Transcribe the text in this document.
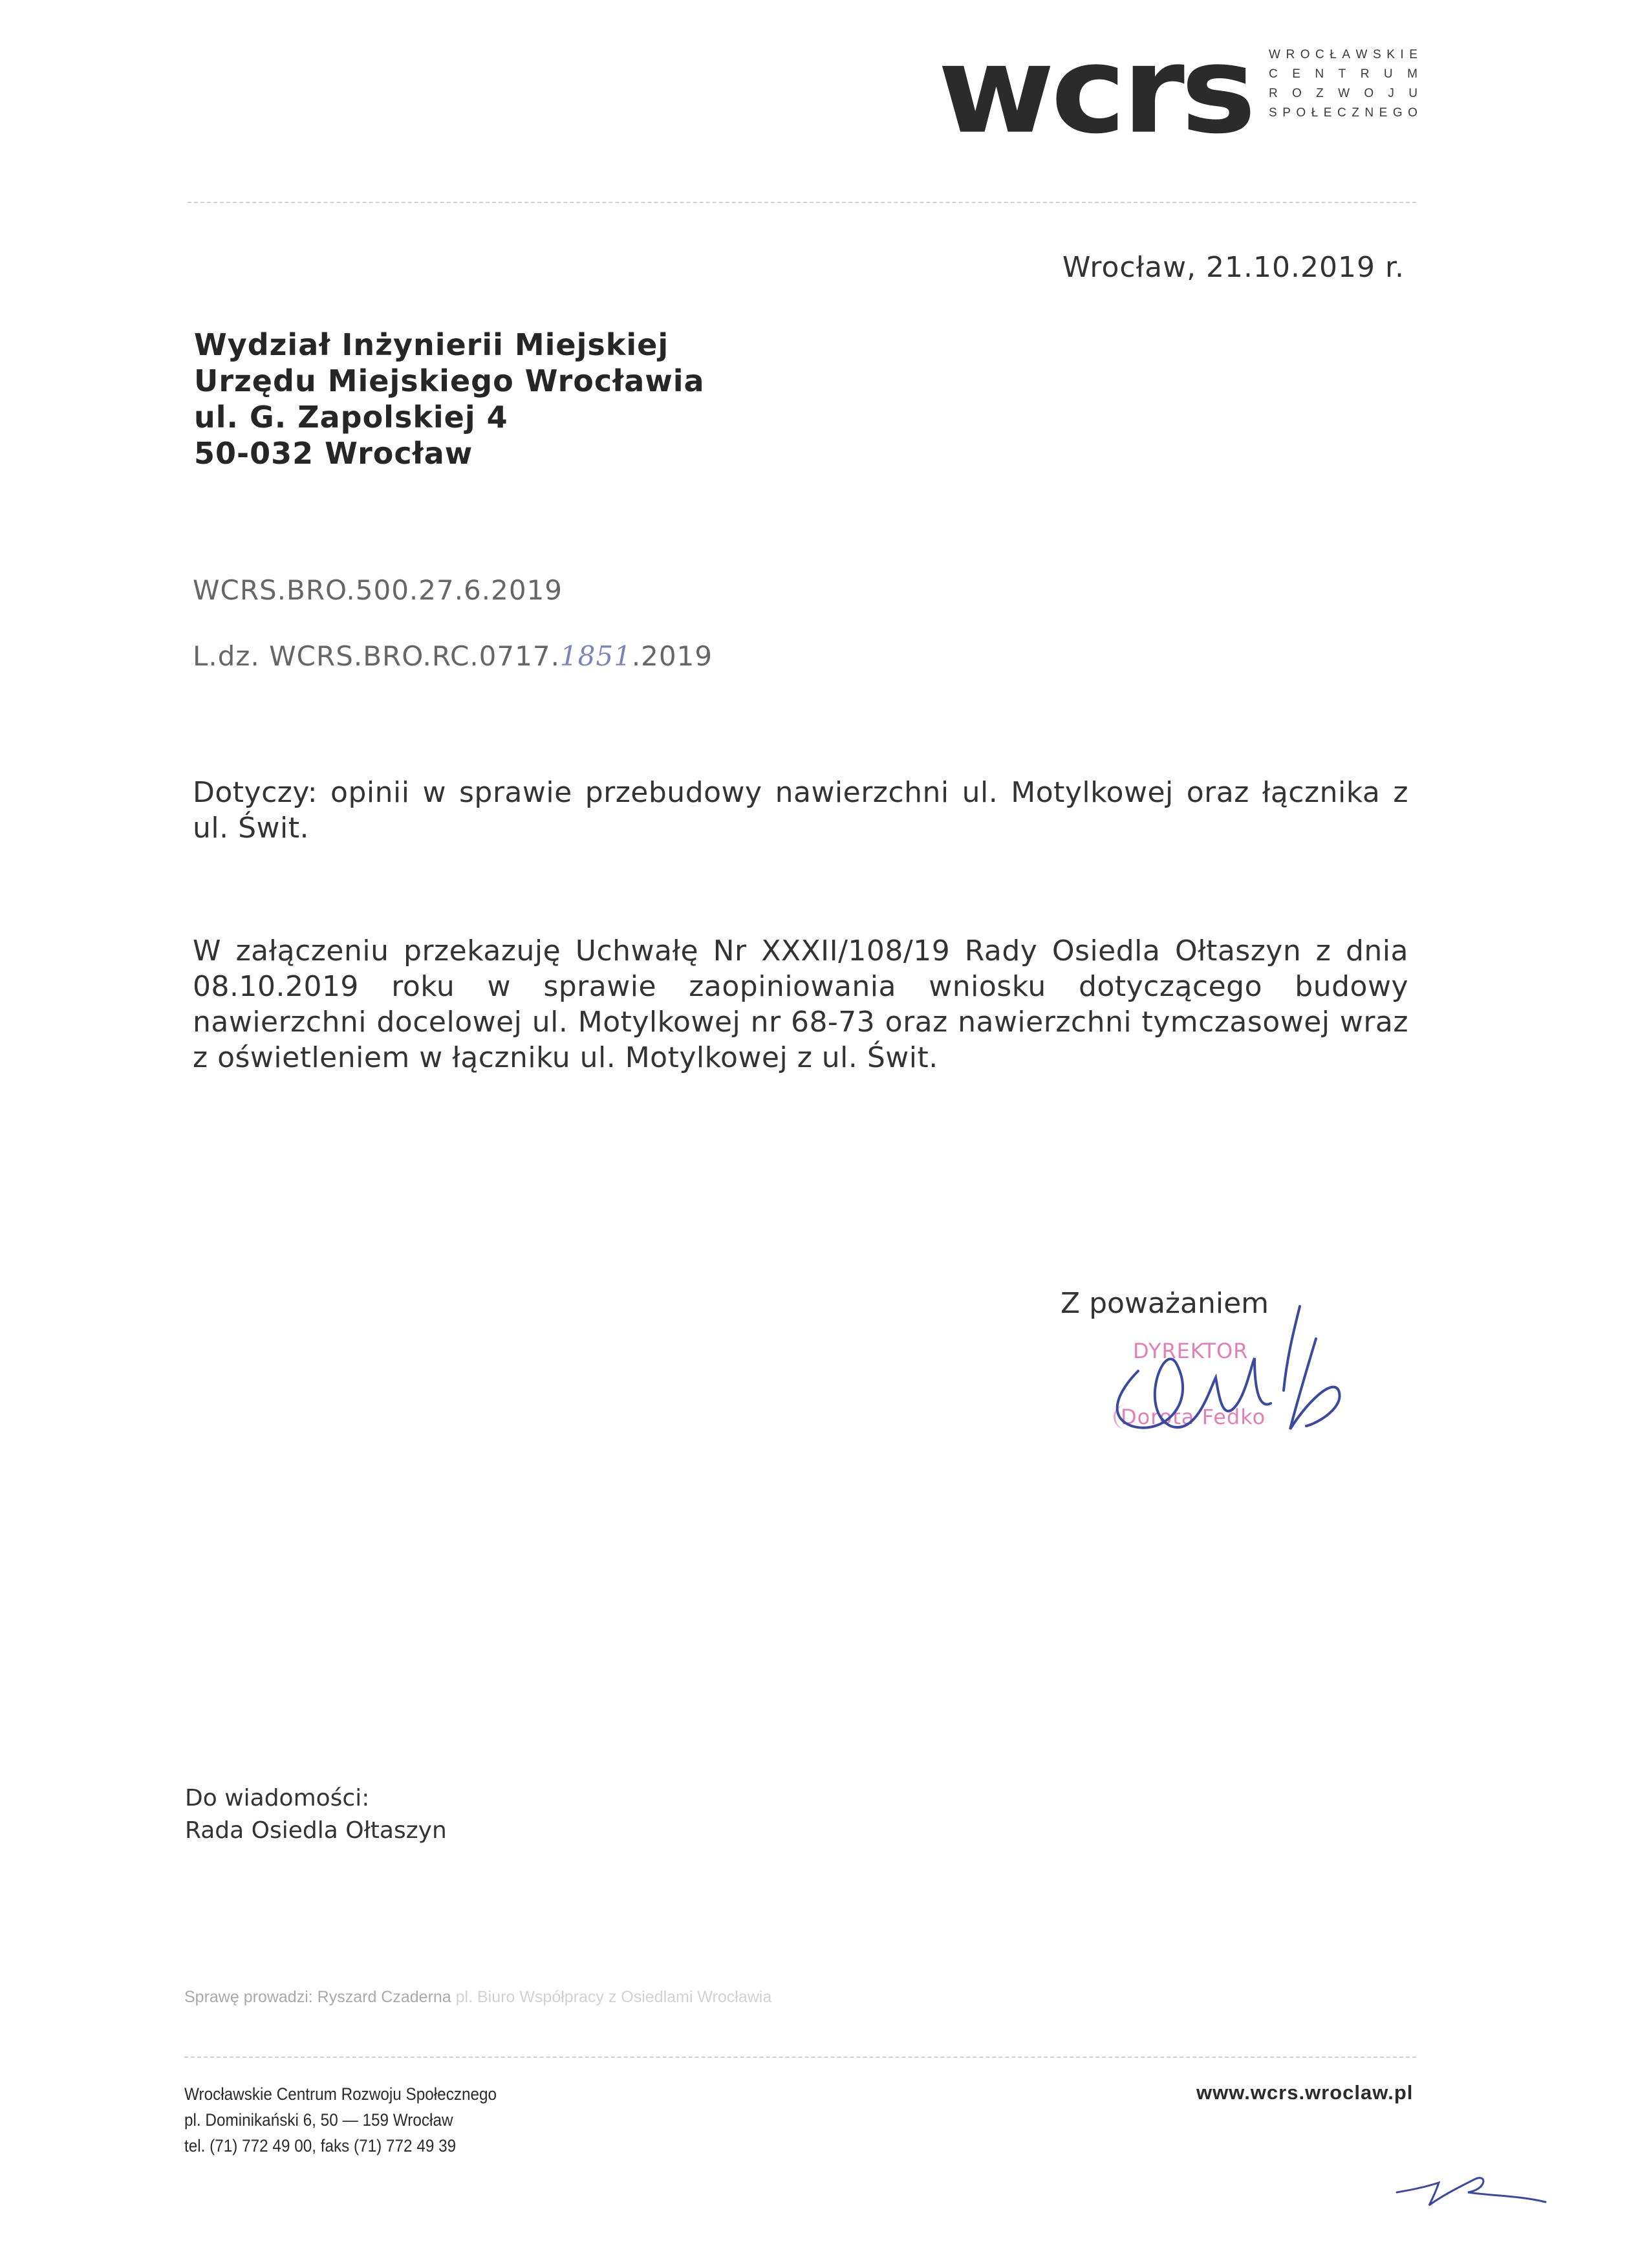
wcrs	W R O C Ł A W S K I E
C E N T R U M
R O Z W O J U
S P O Ł E C Z N E G O
Wrocław, 21.10.2019 r.
Wydział Inżynierii Miejskiej
Urzędu Miejskiego Wrocławia
ul. G. Zapolskiej 4
50-032 Wrocław
WCRS.BRO.500.27.6.2019
L.dz. WCRS.BRO.RC.0717.1851.2019
Dotyczy: opinii w sprawie przebudowy nawierzchni ul. Motylkowej oraz łącznika z ul. Świt.
W załączeniu przekazuję Uchwałę Nr XXXII/108/19 Rady Osiedla Ołtaszyn z dnia 08.10.2019 roku w sprawie zaopiniowania wniosku dotyczącego budowy nawierzchni docelowej ul. Motylkowej nr 68-73 oraz nawierzchni tymczasowej wraz z oświetleniem w łączniku ul. Motylkowej z ul. Świt.
Z poważaniem
DYREKTOR
Dorota Fedko
Do wiadomości:
Rada Osiedla Ołtaszyn
Sprawę prowadzi: Ryszard Czaderna pl. Biuro Współpracy z Osiedlami Wrocławia
Wrocławskie Centrum Rozwoju Społecznego
pl. Dominikański 6, 50 — 159 Wrocław
tel. (71) 772 49 00, faks (71) 772 49 39
www.wcrs.wroclaw.pl
